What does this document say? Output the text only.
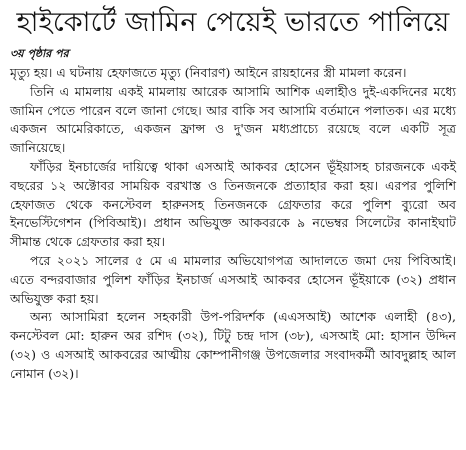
হাইকোর্টে জামিন পেয়েই ভারতে পালিয়ে
৩য় পৃষ্ঠার পর

মৃত্যু হয়। এ ঘটনায় হেফাজতে মৃত্যু (নিবারণ) আইনে রায়হানের স্ত্রী মামলা করেন।

তিনি এ মামলায় একই মামলায় আরেক আসামি আশিক এলাহীও দুই-একদিনের মধ্যে জামিন পেতে পারেন বলে জানা গেছে। আর বাকি সব আসামি বর্তমানে পলাতক। এর মধ্যে একজন আমেরিকাতে, একজন ফ্রান্স ও দু'জন মধ্যপ্রাচ্যে রয়েছে বলে একটি সূত্র জানিয়েছে।

ফাঁড়ির ইনচার্জের দায়িত্বে থাকা এসআই আকবর হোসেন ভূঁইয়াসহ চারজনকে একই বছরের ১২ অক্টোবর সাময়িক বরখাস্ত ও তিনজনকে প্রত্যাহার করা হয়। এরপর পুলিশি হেফাজত থেকে কনস্টেবল হারুনসহ তিনজনকে গ্রেফতার করে পুলিশ ব্যুরো অব ইনভেস্টিগেশন (পিবিআই)। প্রধান অভিযুক্ত আকবরকে ৯ নভেম্বর সিলেটের কানাইঘাট সীমান্ত থেকে গ্রেফতার করা হয়।

পরে ২০২১ সালের ৫ মে এ মামলার অভিযোগপত্র আদালতে জমা দেয় পিবিআই। এতে বন্দরবাজার পুলিশ ফাঁড়ির ইনচার্জ এসআই আকবর হোসেন ভূঁইয়াকে (৩২) প্রধান অভিযুক্ত করা হয়।

অন্য আসামিরা হলেন সহকারী উপ-পরিদর্শক (এএসআই) আশেক এলাহী (৪৩), কনস্টেবল মো: হারুন অর রশিদ (৩২), টিটু চন্দ্র দাস (৩৮), এসআই মো: হাসান উদ্দিন (৩২) ও এসআই আকবরের আত্মীয় কোম্পানীগঞ্জ উপজেলার সংবাদকর্মী আবদুল্লাহ আল নোমান (৩২)।
